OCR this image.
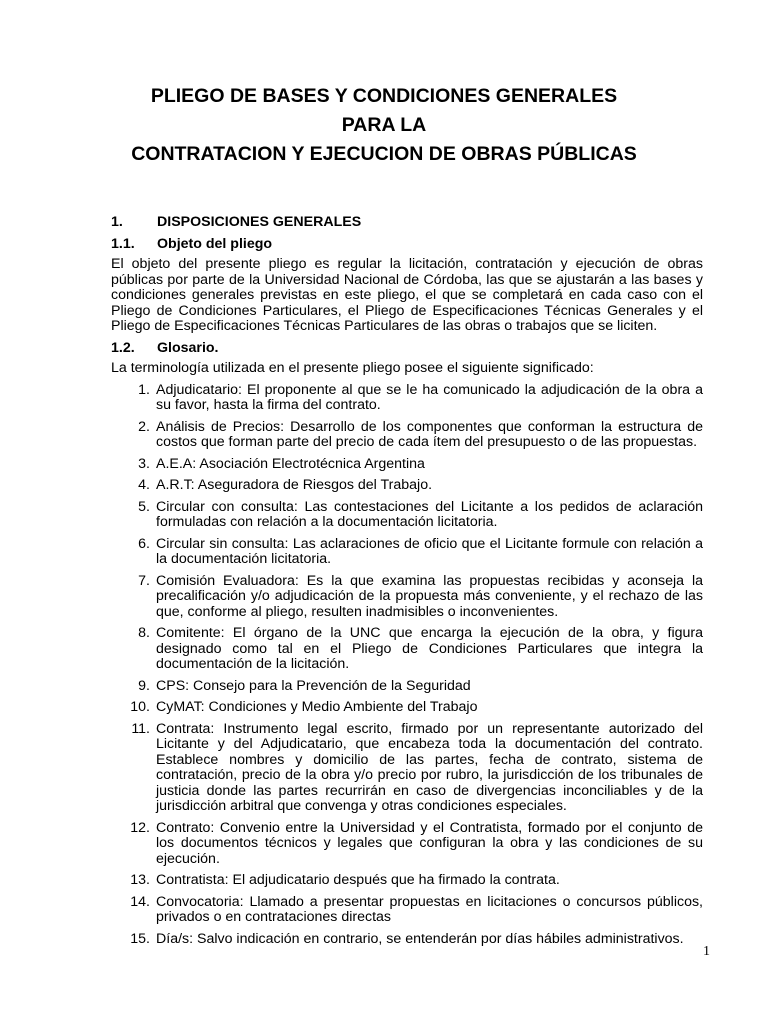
PLIEGO DE BASES Y CONDICIONES GENERALES
PARA LA
CONTRATACION Y EJECUCION DE OBRAS PÚBLICAS
1.	DISPOSICIONES GENERALES
1.1.	Objeto del pliego

El objeto del presente pliego es regular la licitación, contratación y ejecución de obras públicas por parte de la Universidad Nacional de Córdoba, las que se ajustarán a las bases y condiciones generales previstas en este pliego, el que se completará en cada caso con el Pliego de Condiciones Particulares, el Pliego de Especificaciones Técnicas Generales y el Pliego de Especificaciones Técnicas Particulares de las obras o trabajos que se liciten.

1.2.	Glosario.

La terminología utilizada en el presente pliego posee el siguiente significado:

1. Adjudicatario: El proponente al que se le ha comunicado la adjudicación de la obra a su favor, hasta la firma del contrato.
2. Análisis de Precios: Desarrollo de los componentes que conforman la estructura de costos que forman parte del precio de cada ítem del presupuesto o de las propuestas.
3. A.E.A: Asociación Electrotécnica Argentina
4. A.R.T: Aseguradora de Riesgos del Trabajo.
5. Circular con consulta: Las contestaciones del Licitante a los pedidos de aclaración formuladas con relación a la documentación licitatoria.
6. Circular sin consulta: Las aclaraciones de oficio que el Licitante formule con relación a la documentación licitatoria.
7. Comisión Evaluadora: Es la que examina las propuestas recibidas y aconseja la precalificación y/o adjudicación de la propuesta más conveniente, y el rechazo de las que, conforme al pliego, resulten inadmisibles o inconvenientes.
8. Comitente: El órgano de la UNC que encarga la ejecución de la obra, y figura designado como tal en el Pliego de Condiciones Particulares que integra la documentación de la licitación.
9. CPS: Consejo para la Prevención de la Seguridad
10. CyMAT: Condiciones y Medio Ambiente del Trabajo
11. Contrata: Instrumento legal escrito, firmado por un representante autorizado del Licitante y del Adjudicatario, que encabeza toda la documentación del contrato. Establece nombres y domicilio de las partes, fecha de contrato, sistema de contratación, precio de la obra y/o precio por rubro, la jurisdicción de los tribunales de justicia donde las partes recurrirán en caso de divergencias inconciliables y de la jurisdicción arbitral que convenga y otras condiciones especiales.
12. Contrato: Convenio entre la Universidad y el Contratista, formado por el conjunto de los documentos técnicos y legales que configuran la obra y las condiciones de su ejecución.
13. Contratista: El adjudicatario después que ha firmado la contrata.
14. Convocatoria: Llamado a presentar propuestas en licitaciones o concursos públicos, privados o en contrataciones directas
15. Día/s: Salvo indicación en contrario, se entenderán por días hábiles administrativos.
1
